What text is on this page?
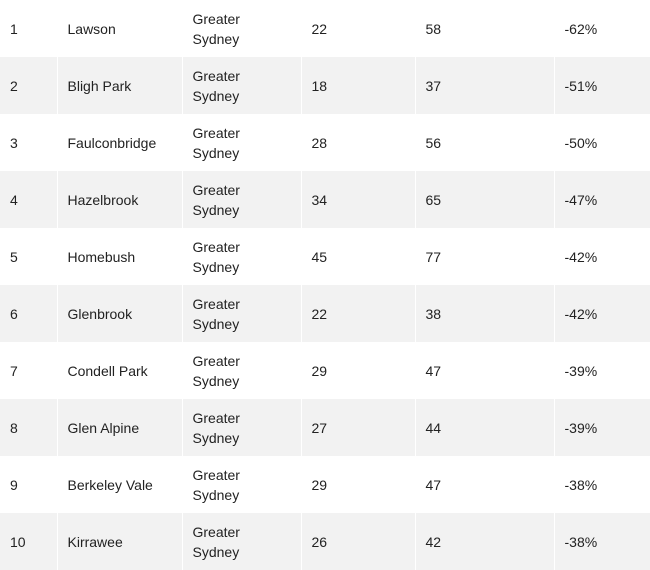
1	Lawson	Greater
Sydney	22	58	-62%
2	Bligh Park	Greater
Sydney	18	37	-51%
3	Faulconbridge	Greater
Sydney	28	56	-50%
4	Hazelbrook	Greater
Sydney	34	65	-47%
5	Homebush	Greater
Sydney	45	77	-42%
6	Glenbrook	Greater
Sydney	22	38	-42%
7	Condell Park	Greater
Sydney	29	47	-39%
8	Glen Alpine	Greater
Sydney	27	44	-39%
9	Berkeley Vale	Greater
Sydney	29	47	-38%
10	Kirrawee	Greater
Sydney	26	42	-38%
